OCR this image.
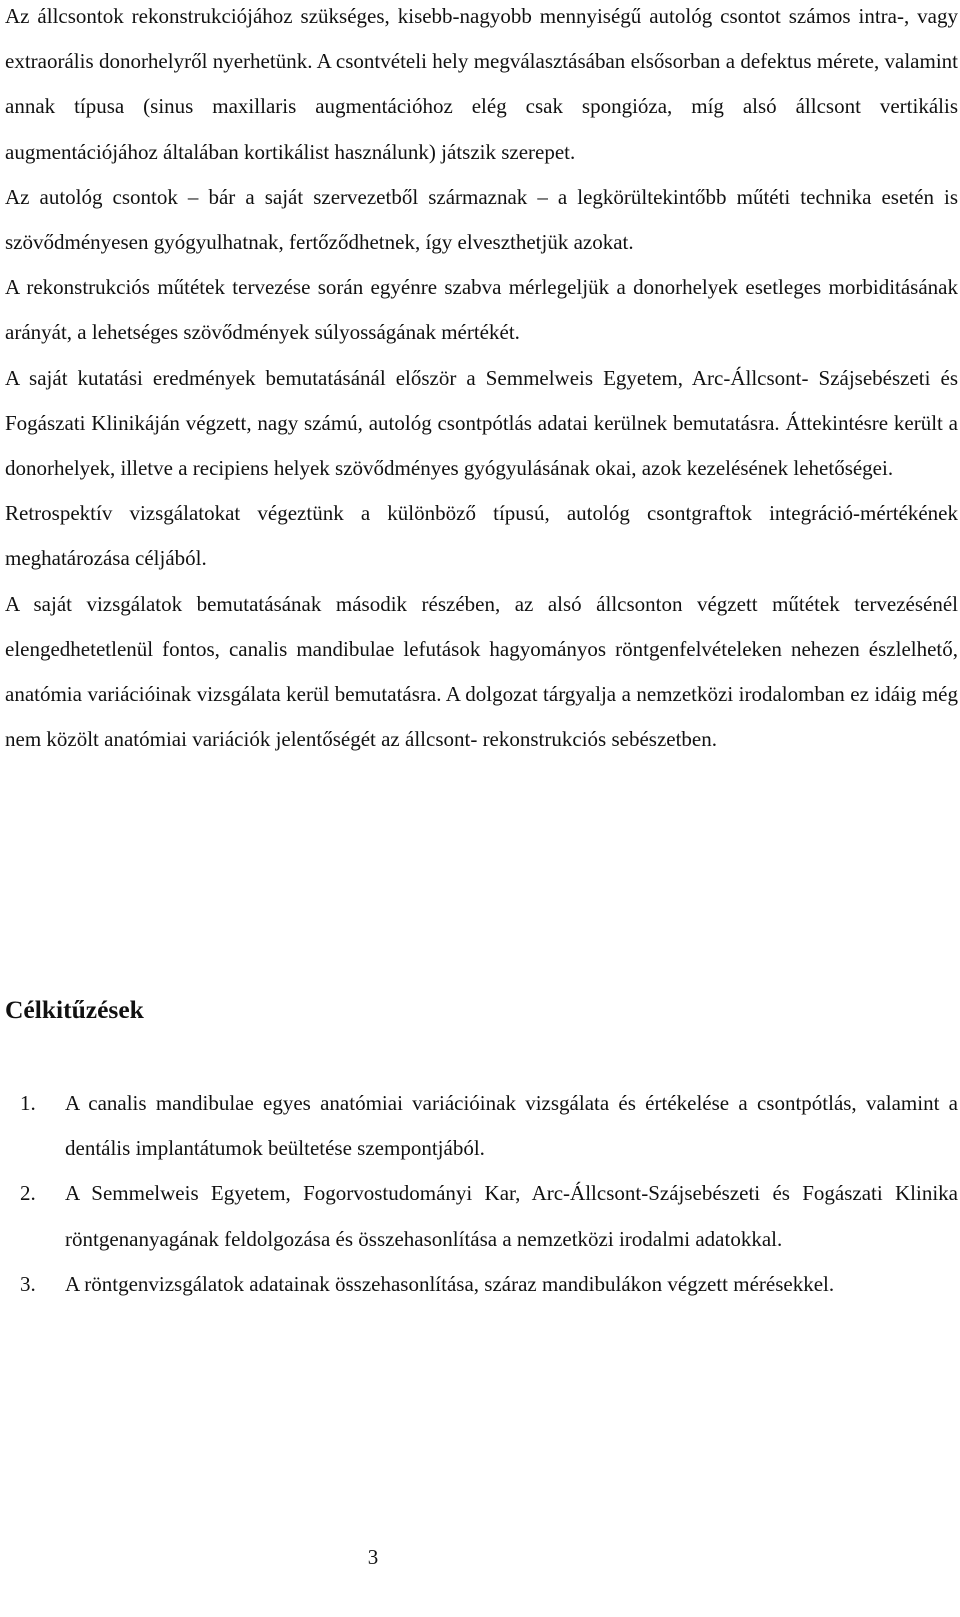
Az állcsontok rekonstrukciójához szükséges, kisebb-nagyobb mennyiségű autológ csontot számos intra-, vagy extraorális donorhelyről nyerhetünk. A csontvételi hely megválasztásában elsősorban a defektus mérete, valamint annak típusa (sinus maxillaris augmentációhoz elég csak spongióza, míg alsó állcsont vertikális augmentációjához általában kortikálist használunk) játszik szerepet.

Az autológ csontok – bár a saját szervezetből származnak – a legkörültekintőbb műtéti technika esetén is szövődményesen gyógyulhatnak, fertőződhetnek, így elveszthetjük azokat.

A rekonstrukciós műtétek tervezése során egyénre szabva mérlegeljük a donorhelyek esetleges morbiditásának arányát, a lehetséges szövődmények súlyosságának mértékét.

A saját kutatási eredmények bemutatásánál először a Semmelweis Egyetem, Arc-Állcsont- Szájsebészeti és Fogászati Klinikáján végzett, nagy számú, autológ csontpótlás adatai kerülnek bemutatásra. Áttekintésre került a donorhelyek, illetve a recipiens helyek szövődményes gyógyulásának okai, azok kezelésének lehetőségei.

Retrospektív vizsgálatokat végeztünk a különböző típusú, autológ csontgraftok integráció-mértékének meghatározása céljából.

A saját vizsgálatok bemutatásának második részében, az alsó állcsonton végzett műtétek tervezésénél elengedhetetlenül fontos, canalis mandibulae lefutások hagyományos röntgenfelvételeken nehezen észlelhető, anatómia variációinak vizsgálata kerül bemutatásra. A dolgozat tárgyalja a nemzetközi irodalomban ez idáig még nem közölt anatómiai variációk jelentőségét az állcsont- rekonstrukciós sebészetben.

Célkitűzések
1. A canalis mandibulae egyes anatómiai variációinak vizsgálata és értékelése a csontpótlás, valamint a dentális implantátumok beültetése szempontjából.
2. A Semmelweis Egyetem, Fogorvostudományi Kar, Arc-Állcsont-Szájsebészeti és Fogászati Klinika röntgenanyagának feldolgozása és összehasonlítása a nemzetközi irodalmi adatokkal.
3. A röntgenvizsgálatok adatainak összehasonlítása, száraz mandibulákon végzett mérésekkel.
3
